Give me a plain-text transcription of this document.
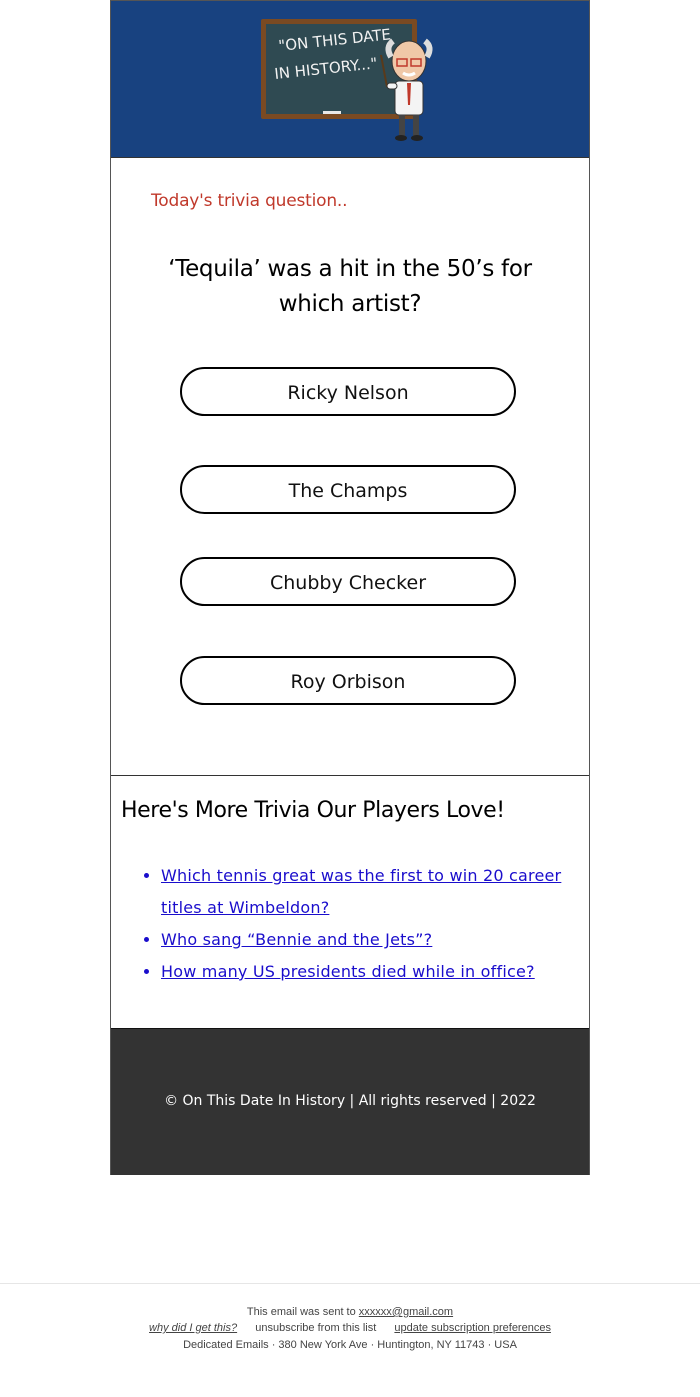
"ON THIS DATE
IN HISTORY..."
Today's trivia question..
‘Tequila’ was a hit in the 50’s for which artist?
Ricky Nelson
The Champs
Chubby Checker
Roy Orbison
Here's More Trivia Our Players Love!
• Which tennis great was the first to win 20 career titles at Wimbeldon?
• Who sang “Bennie and the Jets”?
• How many US presidents died while in office?

© On This Date In History | All rights reserved | 2022

This email was sent to xxxxxx@gmail.com
why did I get this? unsubscribe from this list update subscription preferences
Dedicated Emails · 380 New York Ave · Huntington, NY 11743 · USA
